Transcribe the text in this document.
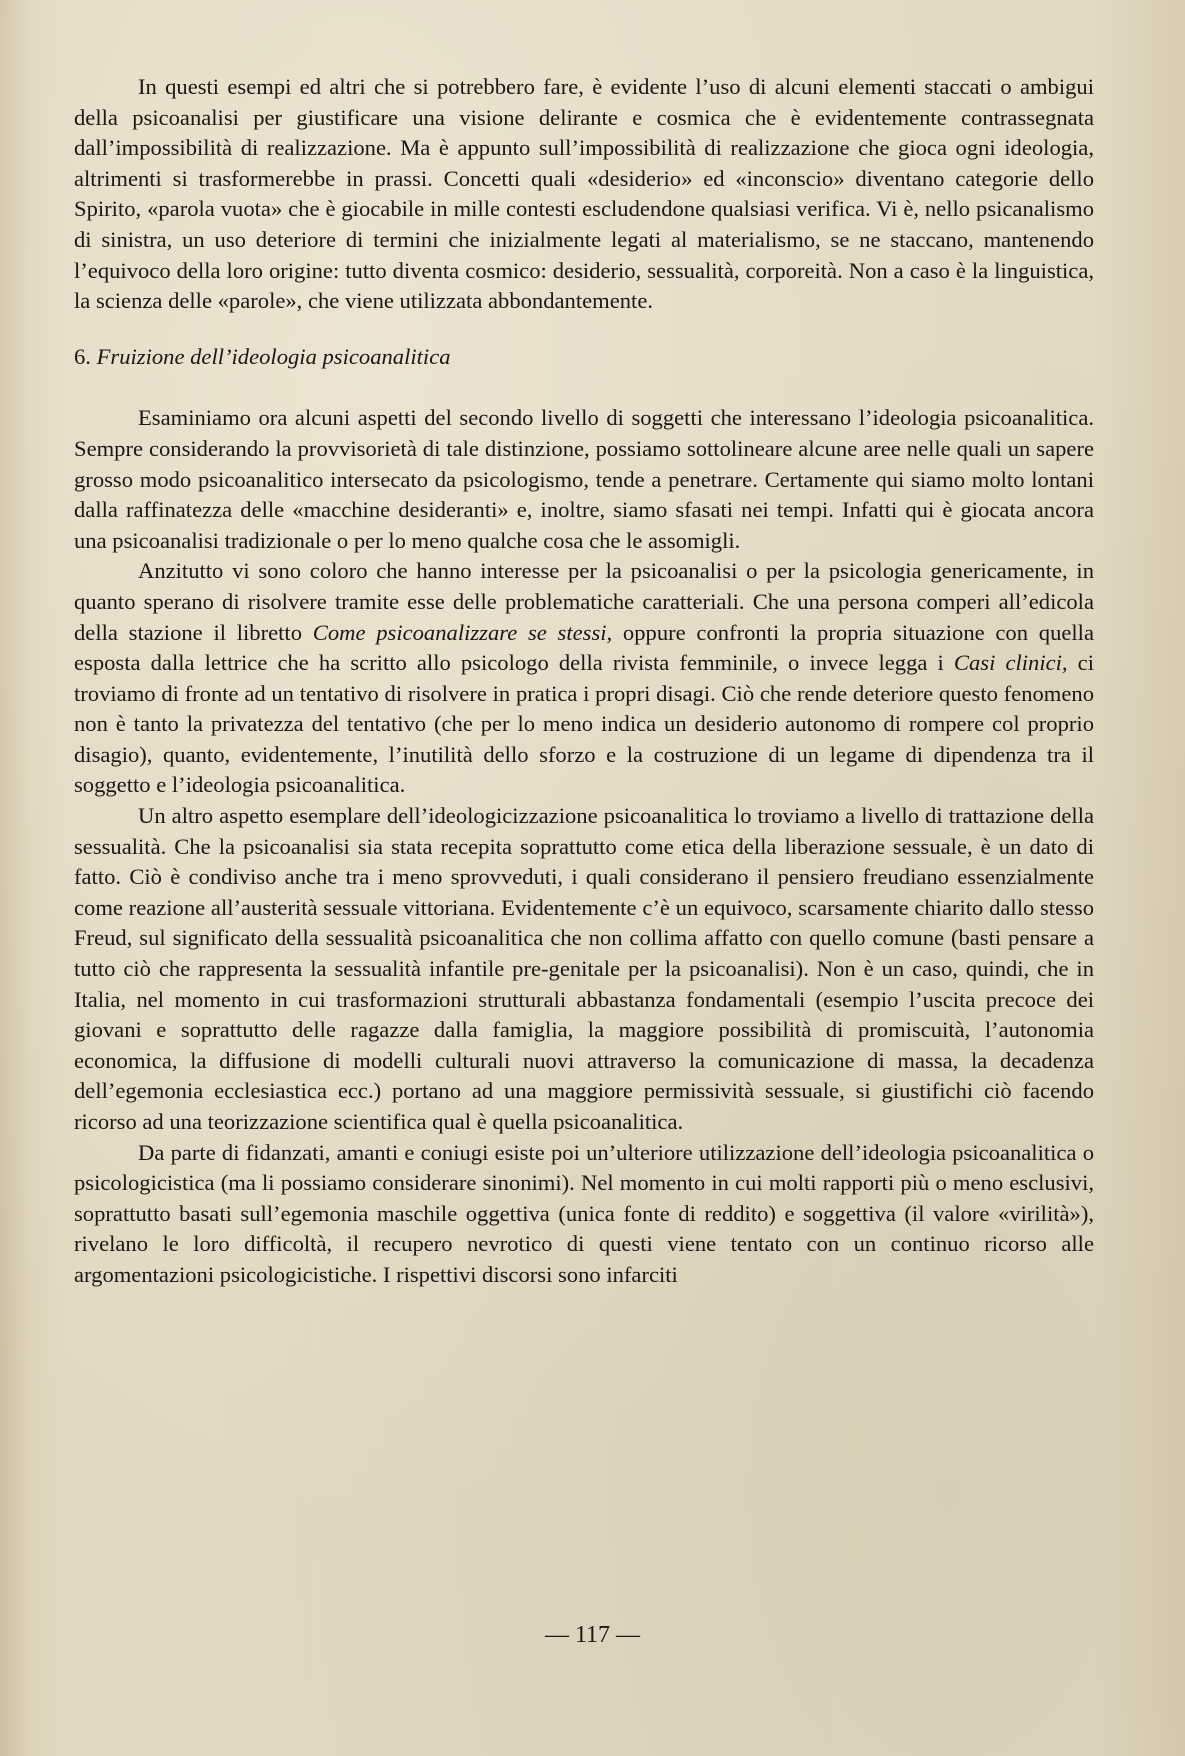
In questi esempi ed altri che si potrebbero fare, è evidente l’uso di alcuni elementi staccati o ambigui della psicoanalisi per giustificare una visione delirante e cosmica che è evidentemente contrassegnata dall’impossibilità di realizzazione. Ma è appunto sull’impossibilità di realizzazione che gioca ogni ideologia, altrimenti si trasformerebbe in prassi. Concetti quali «desiderio» ed «inconscio» diventano categorie dello Spirito, «parola vuota» che è giocabile in mille contesti escludendone qualsiasi verifica. Vi è, nello psicanalismo di sinistra, un uso deteriore di termini che inizialmente legati al materialismo, se ne staccano, mantenendo l’equivoco della loro origine: tutto diventa cosmico: desiderio, sessualità, corporeità. Non a caso è la linguistica, la scienza delle «parole», che viene utilizzata abbondantemente.

6. Fruizione dell’ideologia psicoanalitica

Esaminiamo ora alcuni aspetti del secondo livello di soggetti che interessano l’ideologia psicoanalitica. Sempre considerando la provvisorietà di tale distinzione, possiamo sottolineare alcune aree nelle quali un sapere grosso modo psicoanalitico intersecato da psicologismo, tende a penetrare. Certamente qui siamo molto lontani dalla raffinatezza delle «macchine desideranti» e, inoltre, siamo sfasati nei tempi. Infatti qui è giocata ancora una psicoanalisi tradizionale o per lo meno qualche cosa che le assomigli.

Anzitutto vi sono coloro che hanno interesse per la psicoanalisi o per la psicologia genericamente, in quanto sperano di risolvere tramite esse delle problematiche caratteriali. Che una persona comperi all’edicola della stazione il libretto Come psicoanalizzare se stessi, oppure confronti la propria situazione con quella esposta dalla lettrice che ha scritto allo psicologo della rivista femminile, o invece legga i Casi clinici, ci troviamo di fronte ad un tentativo di risolvere in pratica i propri disagi. Ciò che rende deteriore questo fenomeno non è tanto la privatezza del tentativo (che per lo meno indica un desiderio autonomo di rompere col proprio disagio), quanto, evidentemente, l’inutilità dello sforzo e la costruzione di un legame di dipendenza tra il soggetto e l’ideologia psicoanalitica.

Un altro aspetto esemplare dell’ideologicizzazione psicoanalitica lo troviamo a livello di trattazione della sessualità. Che la psicoanalisi sia stata recepita soprattutto come etica della liberazione sessuale, è un dato di fatto. Ciò è condiviso anche tra i meno sprovveduti, i quali considerano il pensiero freudiano essenzialmente come reazione all’austerità sessuale vittoriana. Evidentemente c’è un equivoco, scarsamente chiarito dallo stesso Freud, sul significato della sessualità psicoanalitica che non collima affatto con quello comune (basti pensare a tutto ciò che rappresenta la sessualità infantile pre-genitale per la psicoanalisi). Non è un caso, quindi, che in Italia, nel momento in cui trasformazioni strutturali abbastanza fondamentali (esempio l’uscita precoce dei giovani e soprattutto delle ragazze dalla famiglia, la maggiore possibilità di promiscuità, l’autonomia economica, la diffusione di modelli culturali nuovi attraverso la comunicazione di massa, la decadenza dell’egemonia ecclesiastica ecc.) portano ad una maggiore permissività sessuale, si giustifichi ciò facendo ricorso ad una teorizzazione scientifica qual è quella psicoanalitica.

Da parte di fidanzati, amanti e coniugi esiste poi un’ulteriore utilizzazione dell’ideologia psicoanalitica o psicologicistica (ma li possiamo considerare sinonimi). Nel momento in cui molti rapporti più o meno esclusivi, soprattutto basati sull’egemonia maschile oggettiva (unica fonte di reddito) e soggettiva (il valore «virilità»), rivelano le loro difficoltà, il recupero nevrotico di questi viene tentato con un continuo ricorso alle argomentazioni psicologicistiche. I rispettivi discorsi sono infarciti

— 117 —
